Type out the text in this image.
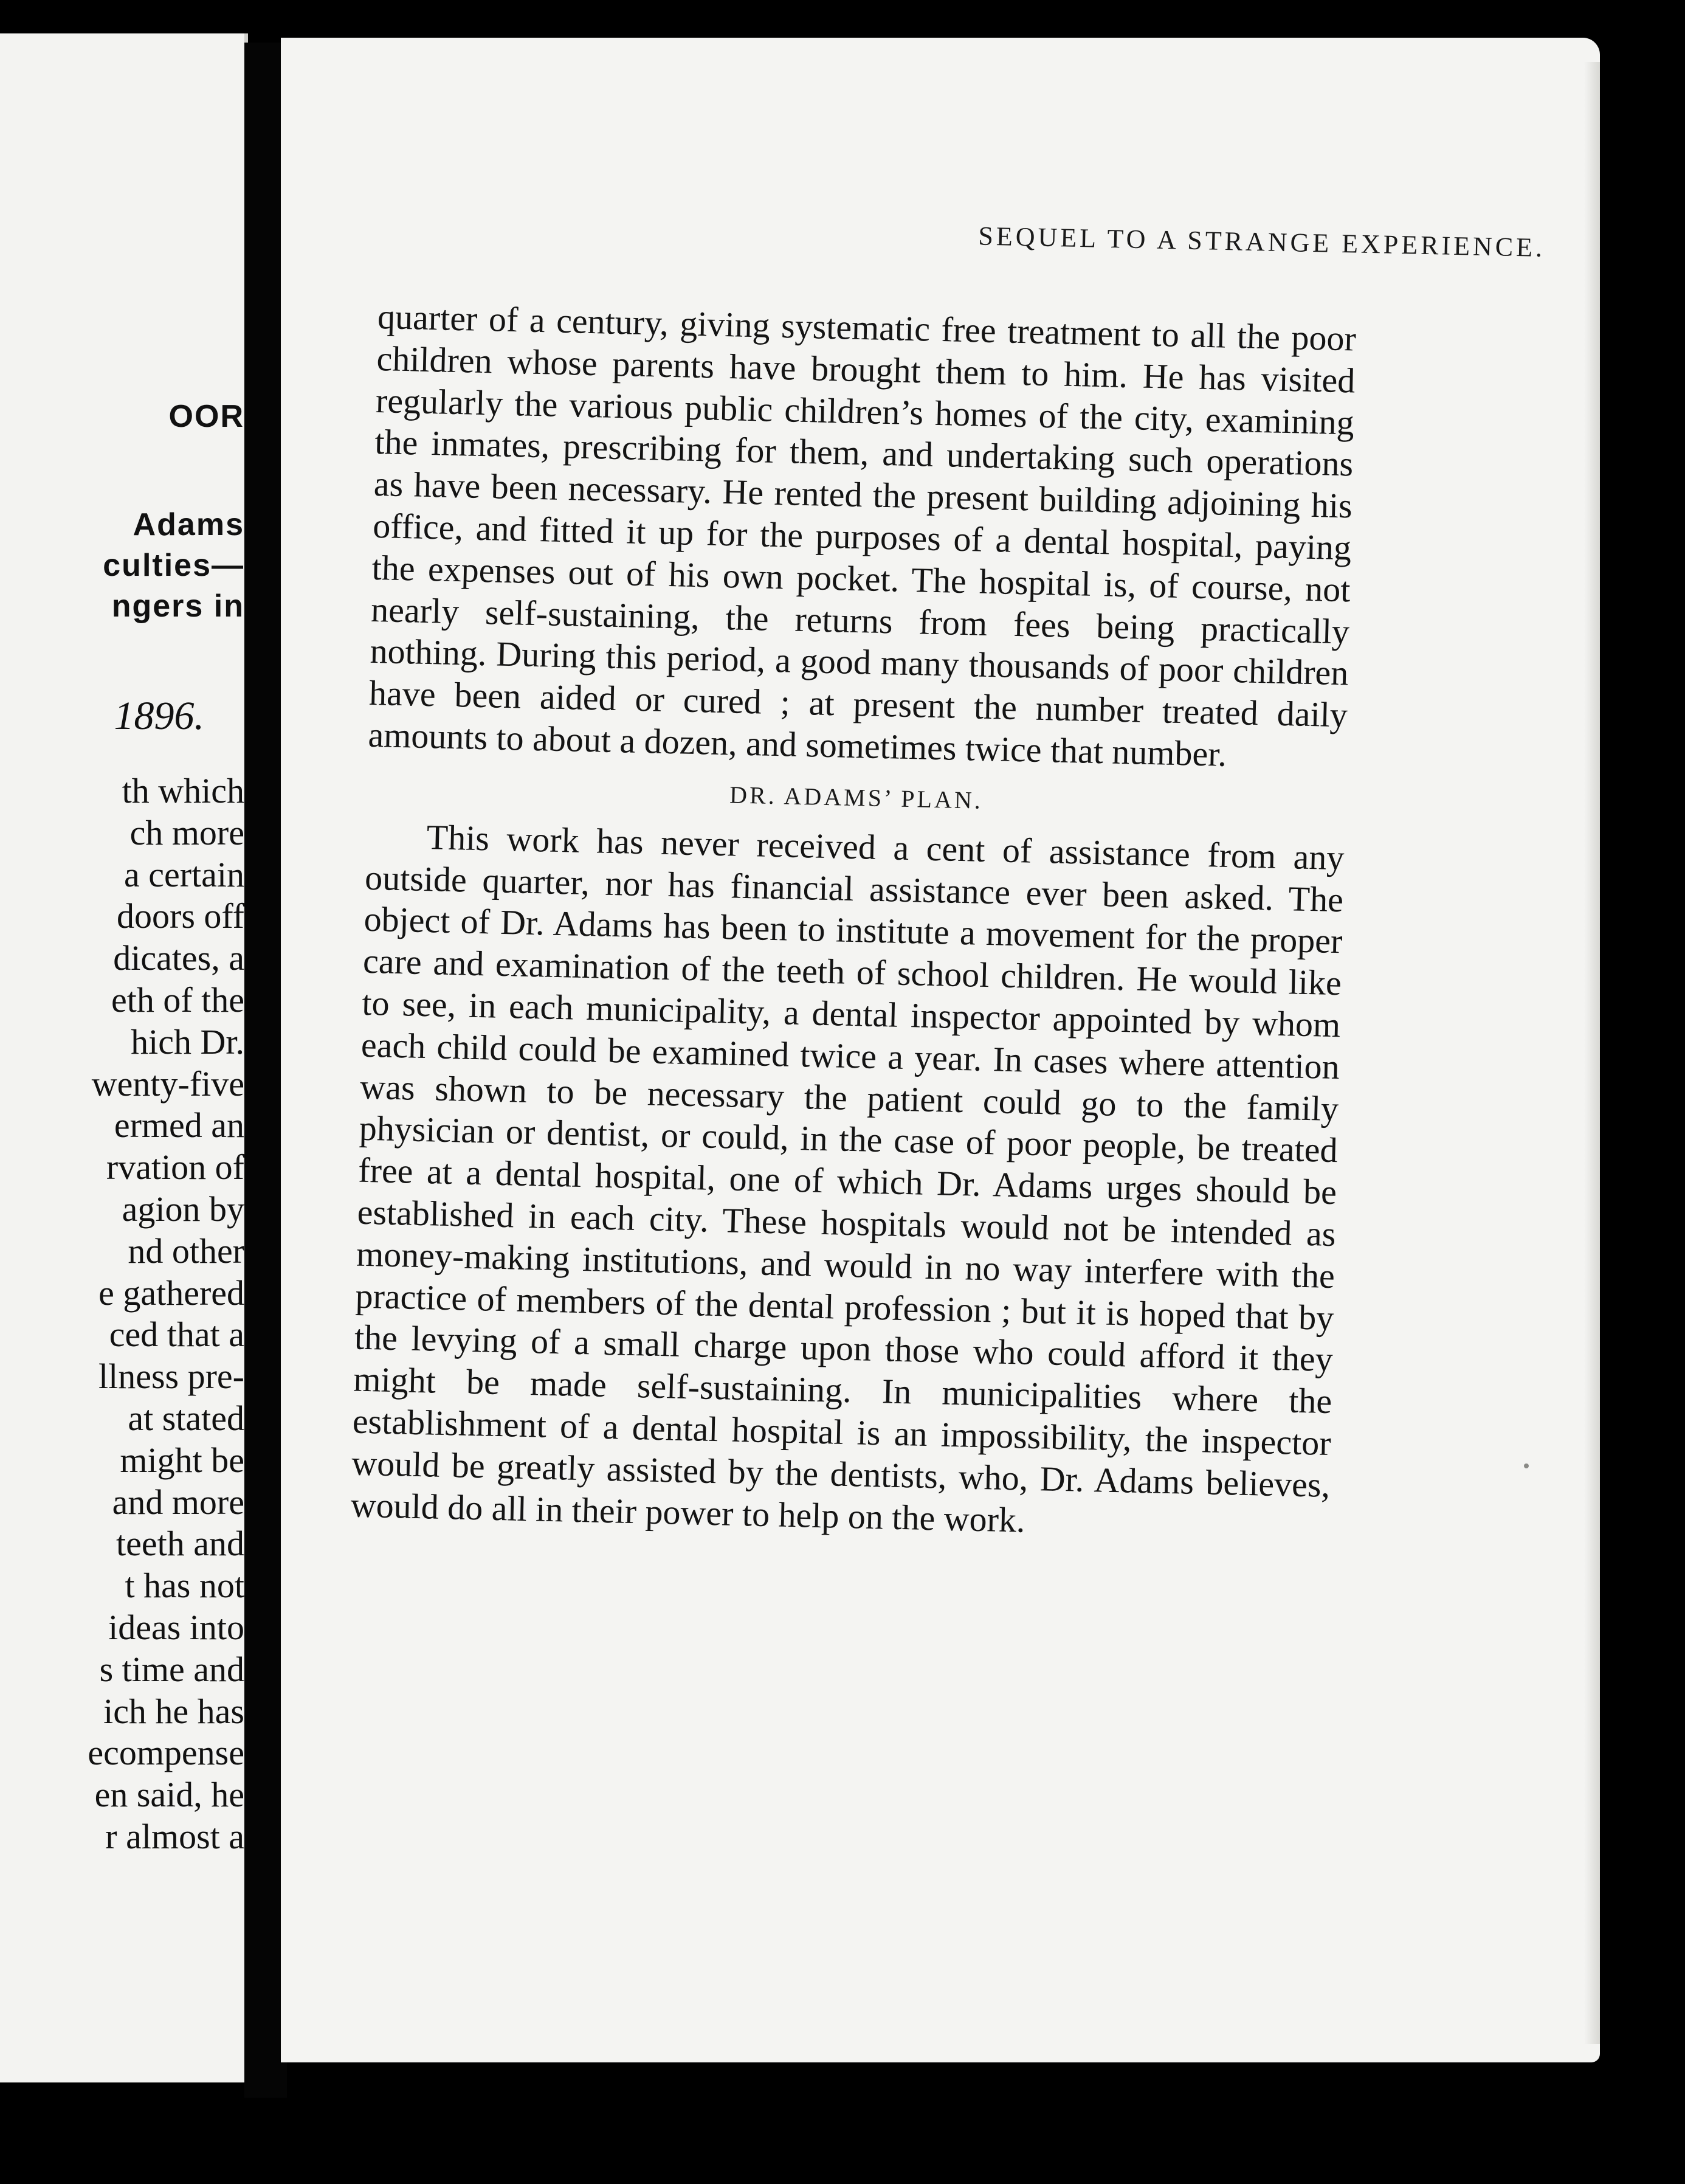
OOR
Adams
culties—
ngers in
1896.
th which
ch more
a certain
doors off
dicates, a
eth of the
hich Dr.
wenty-five
ermed an
rvation of
agion by
nd other
e gathered
ced that a
llness pre-
at stated
might be
and more
teeth and
t has not
ideas into
s time and
ich he has
ecompense
en said, he
r almost a
SEQUEL TO A STRANGE EXPERIENCE.

quarter of a century, giving systematic free treatment to all the poor children whose parents have brought them to him. He has visited regularly the various public children’s homes of the city, examining the inmates, prescribing for them, and undertaking such operations as have been necessary. He rented the present building adjoining his office, and fitted it up for the purposes of a dental hospital, paying the expenses out of his own pocket. The hospital is, of course, not nearly self-sustaining, the returns from fees being practically nothing. During this period, a good many thousands of poor children have been aided or cured ; at present the number treated daily amounts to about a dozen, and sometimes twice that number.

DR. ADAMS’ PLAN.

This work has never received a cent of assistance from any outside quarter, nor has financial assistance ever been asked. The object of Dr. Adams has been to institute a movement for the proper care and examination of the teeth of school children. He would like to see, in each municipality, a dental inspector appointed by whom each child could be examined twice a year. In cases where attention was shown to be necessary the patient could go to the family physician or dentist, or could, in the case of poor people, be treated free at a dental hospital, one of which Dr. Adams urges should be established in each city. These hospitals would not be intended as money-making institutions, and would in no way interfere with the practice of members of the dental profession ; but it is hoped that by the levying of a small charge upon those who could afford it they might be made self-sustaining. In municipalities where the establishment of a dental hospital is an impossibility, the inspector would be greatly assisted by the dentists, who, Dr. Adams believes, would do all in their power to help on the work.
